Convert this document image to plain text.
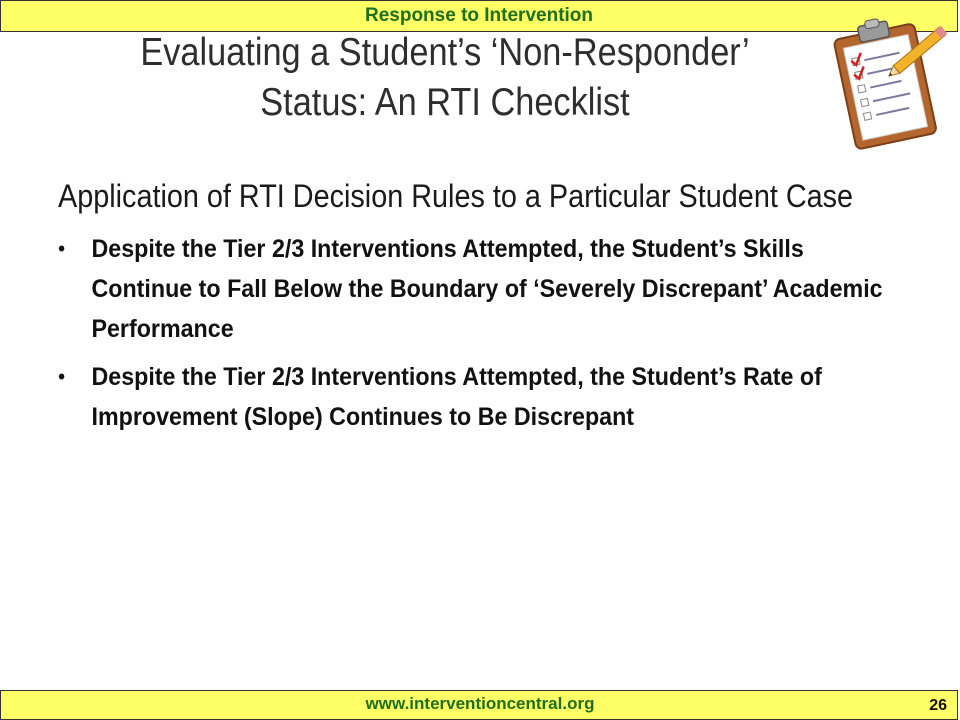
Response to Intervention
Evaluating a Student’s ‘Non-Responder’
Status: An RTI Checklist
Application of RTI Decision Rules to a Particular Student Case
• Despite the Tier 2/3 Interventions Attempted, the Student’s Skills Continue to Fall Below the Boundary of ‘Severely Discrepant’ Academic Performance
• Despite the Tier 2/3 Interventions Attempted, the Student’s Rate of Improvement (Slope) Continues to Be Discrepant
www.interventioncentral.org	26
